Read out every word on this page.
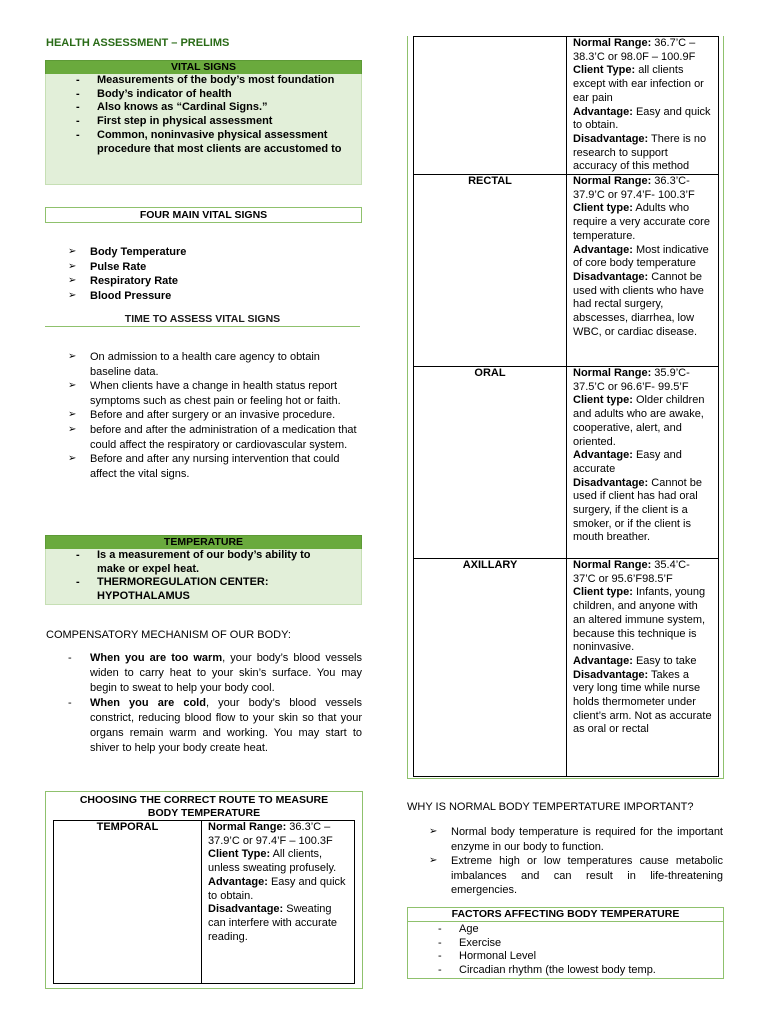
HEALTH ASSESSMENT – PRELIMS
VITAL SIGNS
- Measurements of the body’s most foundation
- Body’s indicator of health
- Also knows as “Cardinal Signs.”
- First step in physical assessment
- Common, noninvasive physical assessment procedure that most clients are accustomed to
FOUR MAIN VITAL SIGNS
➢ Body Temperature
➢ Pulse Rate
➢ Respiratory Rate
➢ Blood Pressure
TIME TO ASSESS VITAL SIGNS
➢ On admission to a health care agency to obtain baseline data.
➢ When clients have a change in health status report symptoms such as chest pain or feeling hot or faith.
➢ Before and after surgery or an invasive procedure.
➢ before and after the administration of a medication that could affect the respiratory or cardiovascular system.
➢ Before and after any nursing intervention that could affect the vital signs.
TEMPERATURE
- Is a measurement of our body’s ability to make or expel heat.
- THERMOREGULATION CENTER: HYPOTHALAMUS
COMPENSATORY MECHANISM OF OUR BODY:
- When you are too warm, your body’s blood vessels widen to carry heat to your skin’s surface. You may begin to sweat to help your body cool.
- When you are cold, your body’s blood vessels constrict, reducing blood flow to your skin so that your organs remain warm and working. You may start to shiver to help your body create heat.
CHOOSING THE CORRECT ROUTE TO MEASURE BODY TEMPERATURE
TEMPORAL	Normal Range: 36.3’C – 37.9’C or 97.4’F – 100.3F
Client Type: All clients, unless sweating profusely.
Advantage: Easy and quick to obtain.
Disadvantage: Sweating can interfere with accurate reading.
	Normal Range: 36.7’C – 38.3’C or 98.0F – 100.9F
Client Type: all clients except with ear infection or ear pain
Advantage: Easy and quick to obtain.
Disadvantage: There is no research to support accuracy of this method
RECTAL	Normal Range: 36.3’C- 37.9’C or 97.4’F- 100.3’F
Client type: Adults who require a very accurate core temperature.
Advantage: Most indicative of core body temperature
Disadvantage: Cannot be used with clients who have had rectal surgery, abscesses, diarrhea, low WBC, or cardiac disease.
ORAL	Normal Range: 35.9’C- 37.5’C or 96.6’F- 99.5’F
Client type: Older children and adults who are awake, cooperative, alert, and oriented.
Advantage: Easy and accurate
Disadvantage: Cannot be used if client has had oral surgery, if the client is a smoker, or if the client is mouth breather.
AXILLARY	Normal Range: 35.4’C- 37’C or 95.6’F98.5’F
Client type: Infants, young children, and anyone with an altered immune system, because this technique is noninvasive.
Advantage: Easy to take
Disadvantage: Takes a very long time while nurse holds thermometer under client’s arm. Not as accurate as oral or rectal
WHY IS NORMAL BODY TEMPERTATURE IMPORTANT?
➢ Normal body temperature is required for the important enzyme in our body to function.
➢ Extreme high or low temperatures cause metabolic imbalances and can result in life-threatening emergencies.
FACTORS AFFECTING BODY TEMPERATURE
- Age
- Exercise
- Hormonal Level
- Circadian rhythm (the lowest body temp.
